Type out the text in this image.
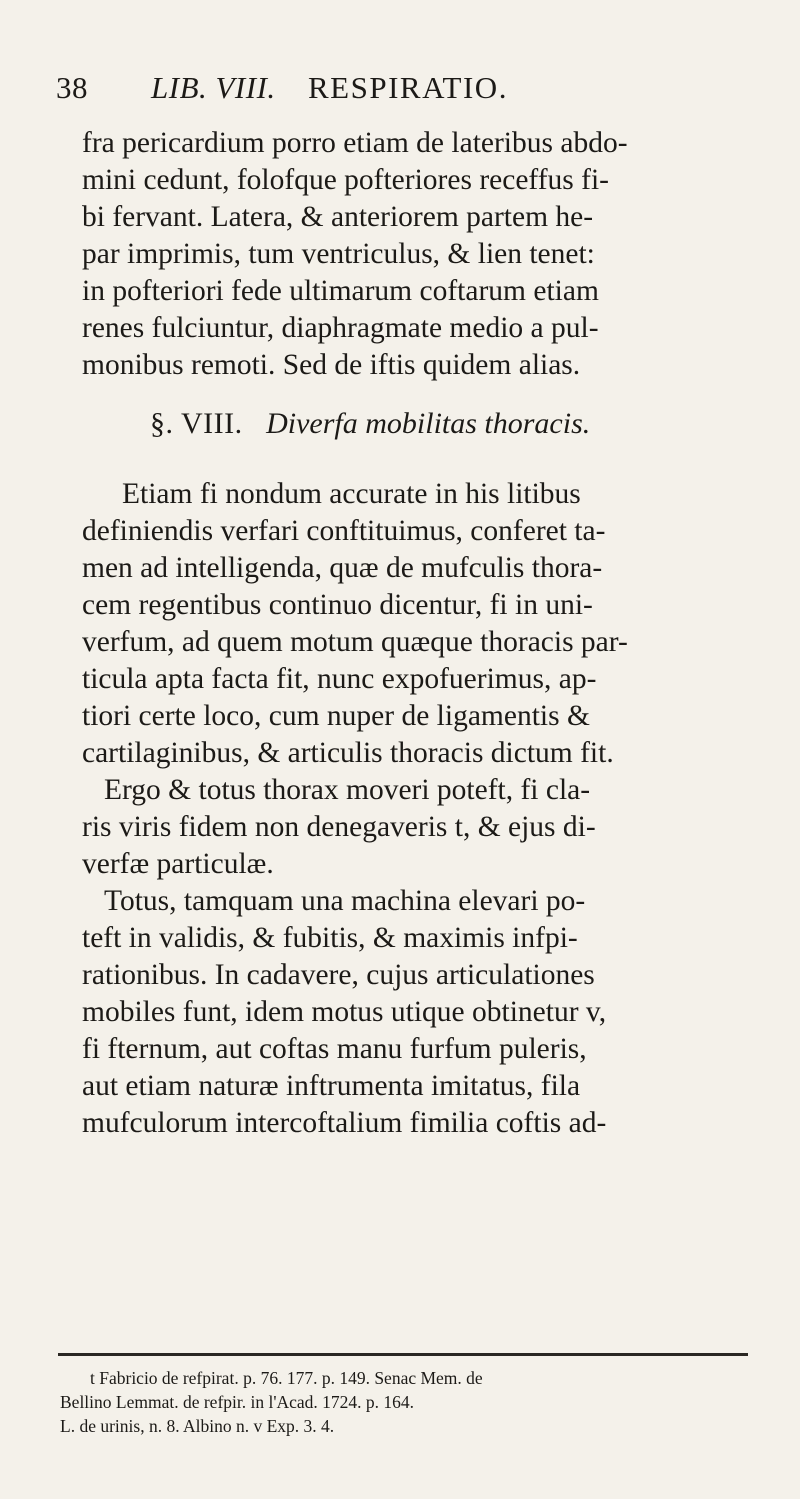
38 LIB. VIII. RESPIRATIO.
fra pericardium porro etiam de lateribus abdo-
mini cedunt, folofque pofteriores receffus fi-
bi fervant. Latera, & anteriorem partem he-
par imprimis, tum ventriculus, & lien tenet:
in pofteriori fede ultimarum coftarum etiam
renes fulciuntur, diaphragmate medio a pul-
monibus remoti. Sed de iftis quidem alias.
§. VIII. Diverfa mobilitas thoracis.
Etiam fi nondum accurate in his litibus
definiendis verfari conftituimus, conferet ta-
men ad intelligenda, quæ de mufculis thora-
cem regentibus continuo dicentur, fi in uni-
verfum, ad quem motum quæque thoracis par-
ticula apta facta fit, nunc expofuerimus, ap-
tiori certe loco, cum nuper de ligamentis &
cartilaginibus, & articulis thoracis dictum fit.
Ergo & totus thorax moveri poteft, fi cla-
ris viris fidem non denegaveris t, & ejus di-
verfæ particulæ.
Totus, tamquam una machina elevari po-
teft in validis, & fubitis, & maximis infpi-
rationibus. In cadavere, cujus articulationes
mobiles funt, idem motus utique obtinetur v,
fi fternum, aut coftas manu furfum puleris,
aut etiam naturæ inftrumenta imitatus, fila
mufculorum intercoftalium fimilia coftis ad-
t Fabricio de refpirat. p. 76. 177. p. 149. Senac Mem. de
Bellino Lemmat. de refpir. in l'Acad. 1724. p. 164.
L. de urinis, n. 8. Albino n. v Exp. 3. 4.
